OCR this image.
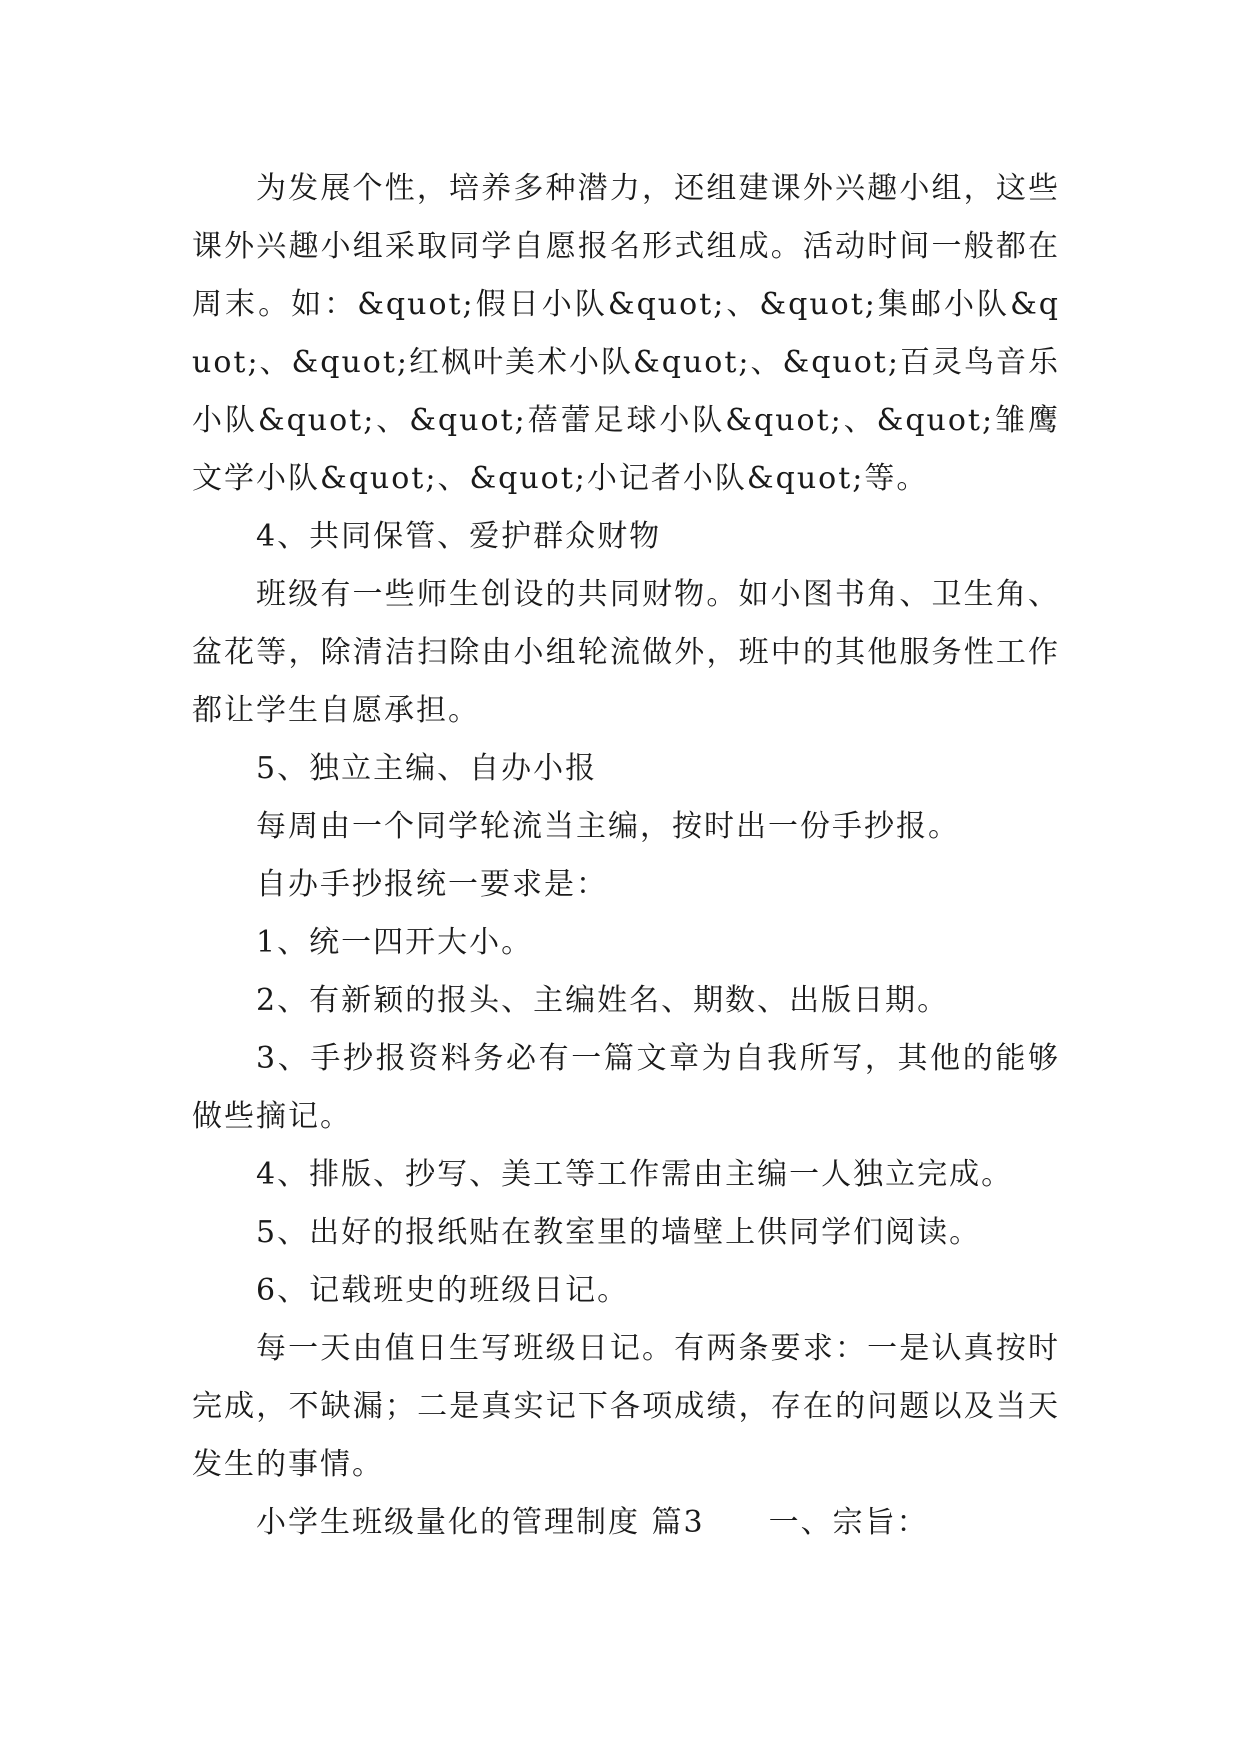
为发展个性，培养多种潜力，还组建课外兴趣小组，这些课外兴趣小组采取同学自愿报名形式组成。活动时间一般都在周末。如：&quot;假日小队&quot;、&quot;集邮小队&quot;、&quot;红枫叶美术小队&quot;、&quot;百灵鸟音乐小队&quot;、&quot;蓓蕾足球小队&quot;、&quot;雏鹰文学小队&quot;、&quot;小记者小队&quot;等。

4、共同保管、爱护群众财物

班级有一些师生创设的共同财物。如小图书角、卫生角、盆花等，除清洁扫除由小组轮流做外，班中的其他服务性工作都让学生自愿承担。

5、独立主编、自办小报

每周由一个同学轮流当主编，按时出一份手抄报。

自办手抄报统一要求是：

1、统一四开大小。

2、有新颖的报头、主编姓名、期数、出版日期。

3、手抄报资料务必有一篇文章为自我所写，其他的能够做些摘记。

4、排版、抄写、美工等工作需由主编一人独立完成。

5、出好的报纸贴在教室里的墙壁上供同学们阅读。

6、记载班史的班级日记。

每一天由值日生写班级日记。有两条要求：一是认真按时完成，不缺漏；二是真实记下各项成绩，存在的问题以及当天发生的事情。

小学生班级量化的管理制度 篇3　　一、宗旨：
